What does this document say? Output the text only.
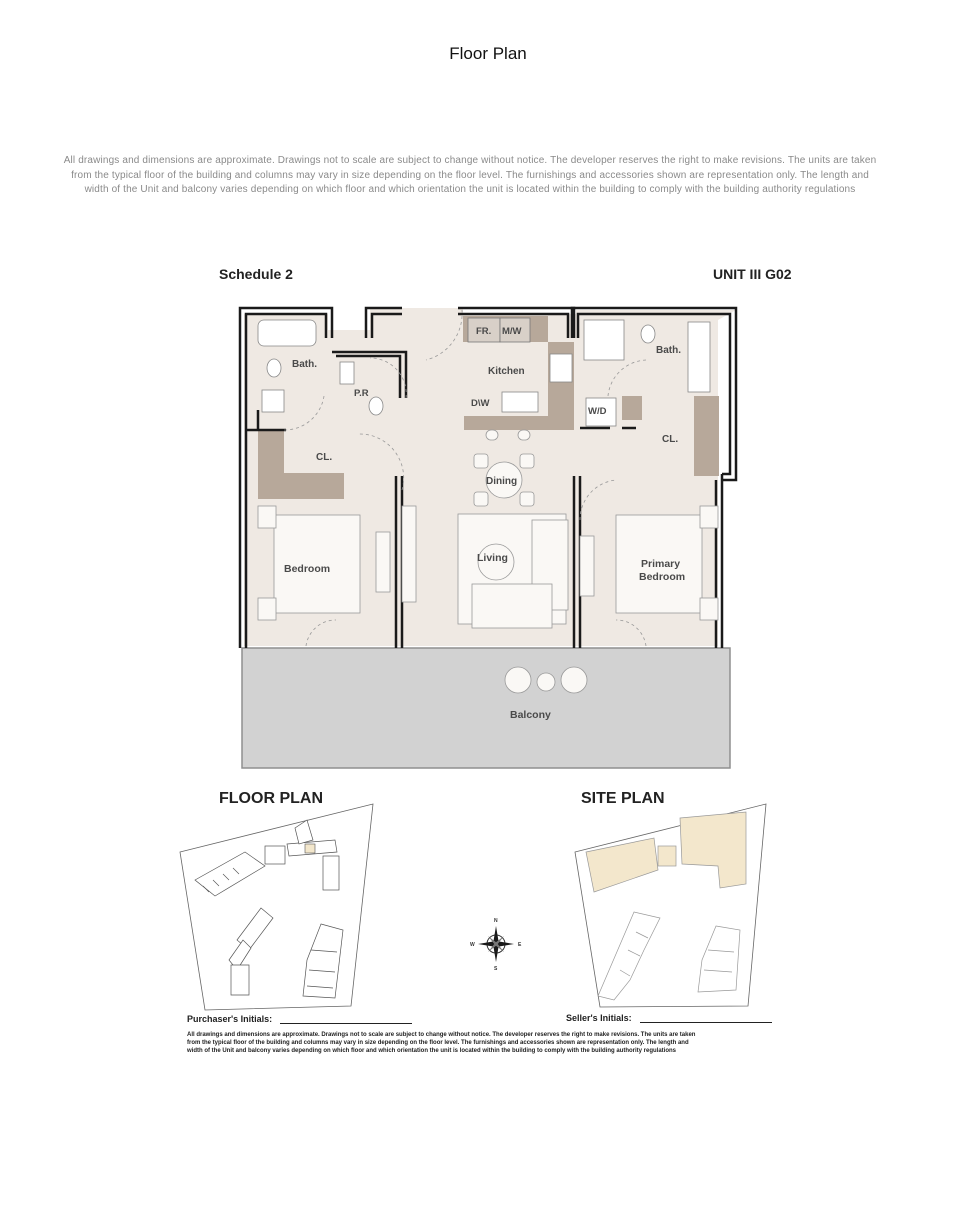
Floor Plan
All drawings and dimensions are approximate. Drawings not to scale are subject to change without notice. The developer reserves the right to make revisions. The units are taken
from the typical floor of the building and columns may vary in size depending on the floor level. The furnishings and accessories shown are representation only. The length and
width of the Unit and balcony varies depending on which floor and which orientation the unit is located within the building to comply with the building authority regulations
Schedule 2	UNIT III G02
Bath.
P.R
FR. M/W
Kitchen
D\W
Bath.
W/D
CL.
CL.
Dining
Bedroom
Living	Primary
Bedroom
Balcony
FLOOR PLAN	SITE PLAN
N
S
W	E
Purchaser's Initials:	Seller's Initials:
All drawings and dimensions are approximate. Drawings not to scale are subject to change without notice. The developer reserves the right to make revisions. The units are taken
from the typical floor of the building and columns may vary in size depending on the floor level. The furnishings and accessories shown are representation only. The length and
width of the Unit and balcony varies depending on which floor and which orientation the unit is located within the building to comply with the building authority regulations
